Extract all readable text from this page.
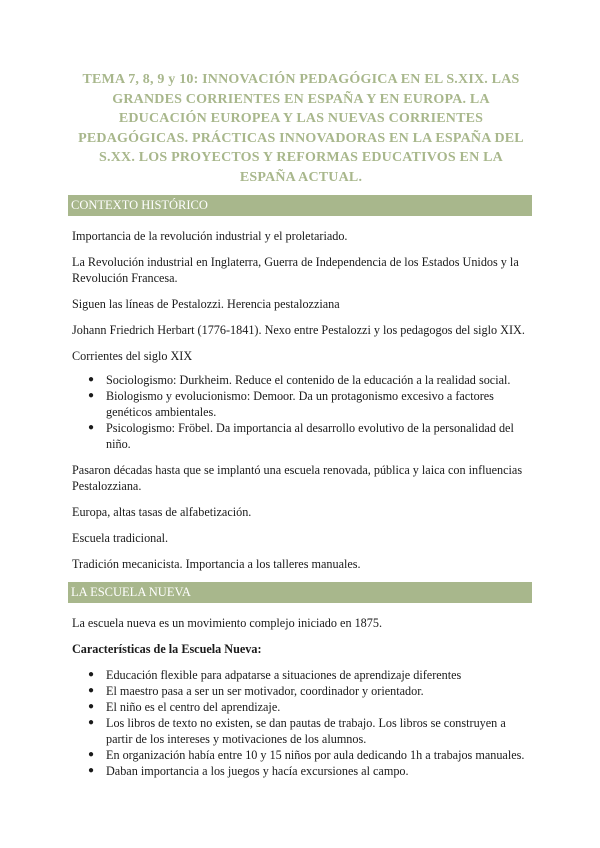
TEMA 7, 8, 9 y 10: INNOVACIÓN PEDAGÓGICA EN EL S.XIX. LAS GRANDES CORRIENTES EN ESPAÑA Y EN EUROPA. LA EDUCACIÓN EUROPEA Y LAS NUEVAS CORRIENTES PEDAGÓGICAS. PRÁCTICAS INNOVADORAS EN LA ESPAÑA DEL S.XX. LOS PROYECTOS Y REFORMAS EDUCATIVOS EN LA ESPAÑA ACTUAL.
CONTEXTO HISTÓRICO

Importancia de la revolución industrial y el proletariado.

La Revolución industrial en Inglaterra, Guerra de Independencia de los Estados Unidos y la Revolución Francesa.

Siguen las líneas de Pestalozzi. Herencia pestalozziana

Johann Friedrich Herbart (1776-1841). Nexo entre Pestalozzi y los pedagogos del siglo XIX.

Corrientes del siglo XIX

● Sociologismo: Durkheim. Reduce el contenido de la educación a la realidad social.
● Biologismo y evolucionismo: Demoor. Da un protagonismo excesivo a factores genéticos ambientales.
● Psicologismo: Fröbel. Da importancia al desarrollo evolutivo de la personalidad del niño.

Pasaron décadas hasta que se implantó una escuela renovada, pública y laica con influencias Pestalozziana.

Europa, altas tasas de alfabetización.

Escuela tradicional.

Tradición mecanicista. Importancia a los talleres manuales.

LA ESCUELA NUEVA

La escuela nueva es un movimiento complejo iniciado en 1875.

Características de la Escuela Nueva:

● Educación flexible para adpatarse a situaciones de aprendizaje diferentes
● El maestro pasa a ser un ser motivador, coordinador y orientador.
● El niño es el centro del aprendizaje.
● Los libros de texto no existen, se dan pautas de trabajo. Los libros se construyen a partir de los intereses y motivaciones de los alumnos.
● En organización había entre 10 y 15 niños por aula dedicando 1h a trabajos manuales.
● Daban importancia a los juegos y hacía excursiones al campo.
